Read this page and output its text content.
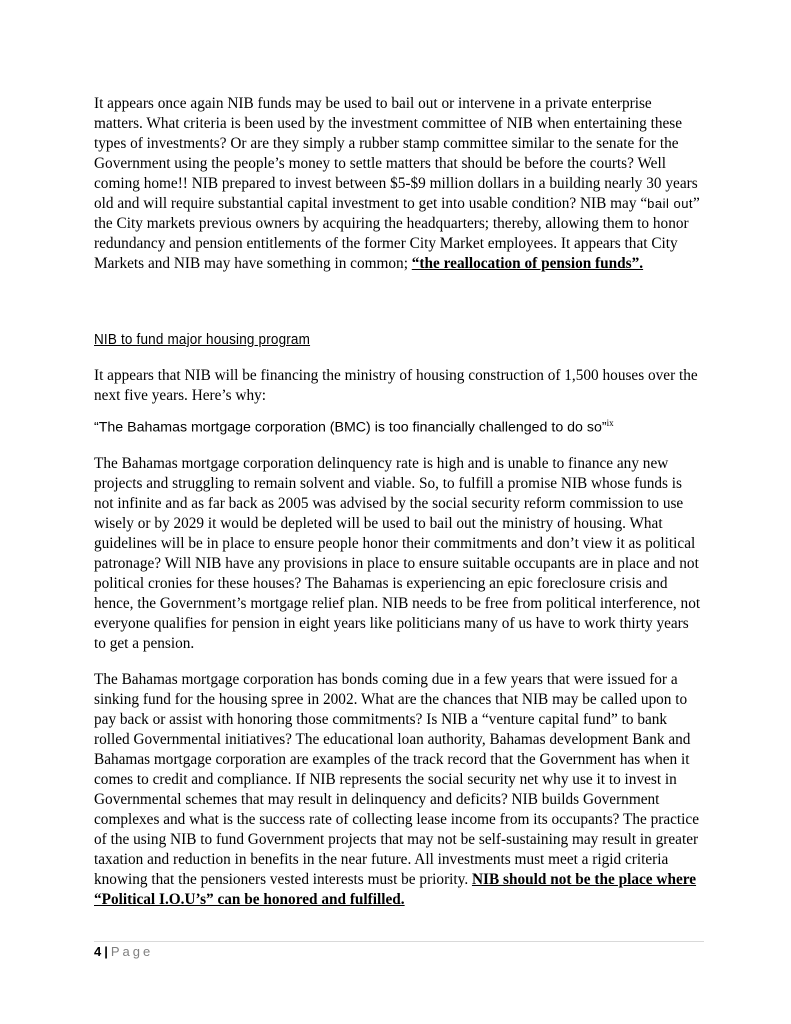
It appears once again NIB funds may be used to bail out or intervene in a private enterprise matters. What criteria is been used by the investment committee of NIB when entertaining these types of investments? Or are they simply a rubber stamp committee similar to the senate for the Government using the people’s money to settle matters that should be before the courts? Well coming home!! NIB prepared to invest between $5-$9 million dollars in a building nearly 30 years old and will require substantial capital investment to get into usable condition? NIB may “bail out” the City markets previous owners by acquiring the headquarters; thereby, allowing them to honor redundancy and pension entitlements of the former City Market employees. It appears that City Markets and NIB may have something in common; “the reallocation of pension funds”.

NIB to fund major housing program

It appears that NIB will be financing the ministry of housing construction of 1,500 houses over the next five years. Here’s why:

“The Bahamas mortgage corporation (BMC) is too financially challenged to do so”$^{ix}$

The Bahamas mortgage corporation delinquency rate is high and is unable to finance any new projects and struggling to remain solvent and viable. So, to fulfill a promise NIB whose funds is not infinite and as far back as 2005 was advised by the social security reform commission to use wisely or by 2029 it would be depleted will be used to bail out the ministry of housing. What guidelines will be in place to ensure people honor their commitments and don’t view it as political patronage? Will NIB have any provisions in place to ensure suitable occupants are in place and not political cronies for these houses? The Bahamas is experiencing an epic foreclosure crisis and hence, the Government’s mortgage relief plan. NIB needs to be free from political interference, not everyone qualifies for pension in eight years like politicians many of us have to work thirty years to get a pension.

The Bahamas mortgage corporation has bonds coming due in a few years that were issued for a sinking fund for the housing spree in 2002. What are the chances that NIB may be called upon to pay back or assist with honoring those commitments? Is NIB a “venture capital fund” to bank rolled Governmental initiatives? The educational loan authority, Bahamas development Bank and Bahamas mortgage corporation are examples of the track record that the Government has when it comes to credit and compliance. If NIB represents the social security net why use it to invest in Governmental schemes that may result in delinquency and deficits? NIB builds Government complexes and what is the success rate of collecting lease income from its occupants? The practice of the using NIB to fund Government projects that may not be self-sustaining may result in greater taxation and reduction in benefits in the near future. All investments must meet a rigid criteria knowing that the pensioners vested interests must be priority. NIB should not be the place where “Political I.O.U’s” can be honored and fulfilled.

4 | Page
